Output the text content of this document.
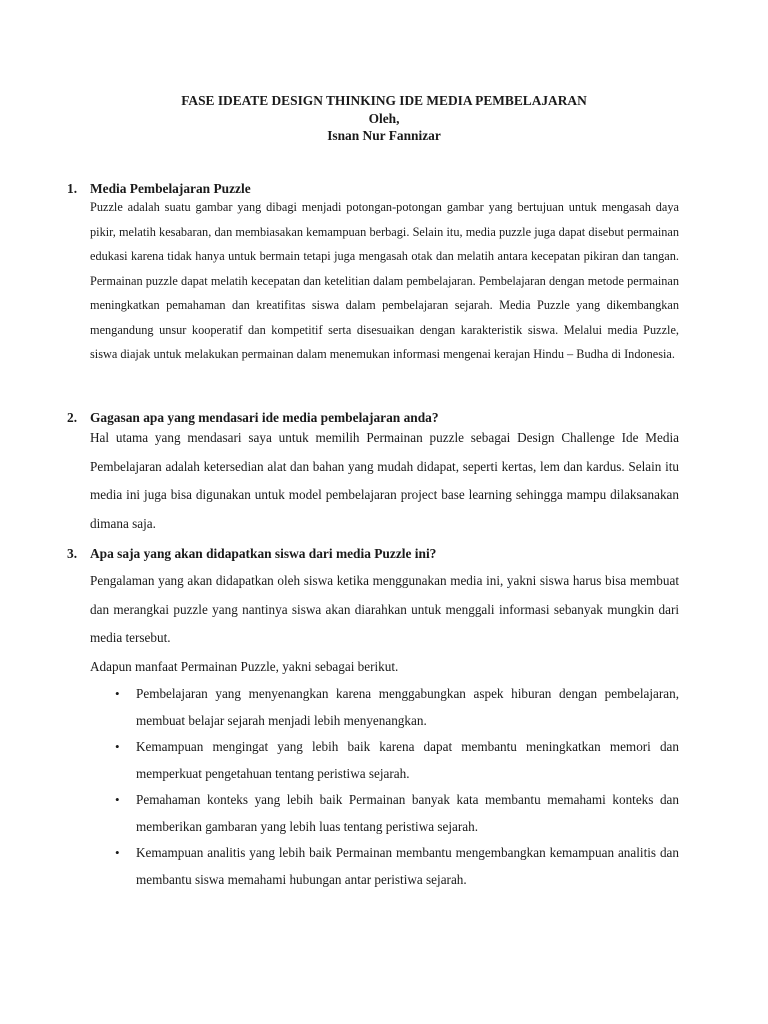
FASE IDEATE DESIGN THINKING IDE MEDIA PEMBELAJARAN
Oleh,
Isnan Nur Fannizar
1. Media Pembelajaran Puzzle
Puzzle adalah suatu gambar yang dibagi menjadi potongan-potongan gambar yang bertujuan untuk mengasah daya pikir, melatih kesabaran, dan membiasakan kemampuan berbagi. Selain itu, media puzzle juga dapat disebut permainan edukasi karena tidak hanya untuk bermain tetapi juga mengasah otak dan melatih antara kecepatan pikiran dan tangan. Permainan puzzle dapat melatih kecepatan dan ketelitian dalam pembelajaran. Pembelajaran dengan metode permainan meningkatkan pemahaman dan kreatifitas siswa dalam pembelajaran sejarah. Media Puzzle yang dikembangkan mengandung unsur kooperatif dan kompetitif serta disesuaikan dengan karakteristik siswa. Melalui media Puzzle, siswa diajak untuk melakukan permainan dalam menemukan informasi mengenai kerajan Hindu – Budha di Indonesia.
2. Gagasan apa yang mendasari ide media pembelajaran anda?
Hal utama yang mendasari saya untuk memilih Permainan puzzle sebagai Design Challenge Ide Media Pembelajaran adalah ketersedian alat dan bahan yang mudah didapat, seperti kertas, lem dan kardus. Selain itu media ini juga bisa digunakan untuk model pembelajaran project base learning sehingga mampu dilaksanakan dimana saja.
3. Apa saja yang akan didapatkan siswa dari media Puzzle ini?

Pengalaman yang akan didapatkan oleh siswa ketika menggunakan media ini, yakni siswa harus bisa membuat dan merangkai puzzle yang nantinya siswa akan diarahkan untuk menggali informasi sebanyak mungkin dari media tersebut.

Adapun manfaat Permainan Puzzle, yakni sebagai berikut.

• Pembelajaran yang menyenangkan karena menggabungkan aspek hiburan dengan pembelajaran, membuat belajar sejarah menjadi lebih menyenangkan.
• Kemampuan mengingat yang lebih baik karena dapat membantu meningkatkan memori dan memperkuat pengetahuan tentang peristiwa sejarah.
• Pemahaman konteks yang lebih baik Permainan banyak kata membantu memahami konteks dan memberikan gambaran yang lebih luas tentang peristiwa sejarah.
• Kemampuan analitis yang lebih baik Permainan membantu mengembangkan kemampuan analitis dan membantu siswa memahami hubungan antar peristiwa sejarah.
